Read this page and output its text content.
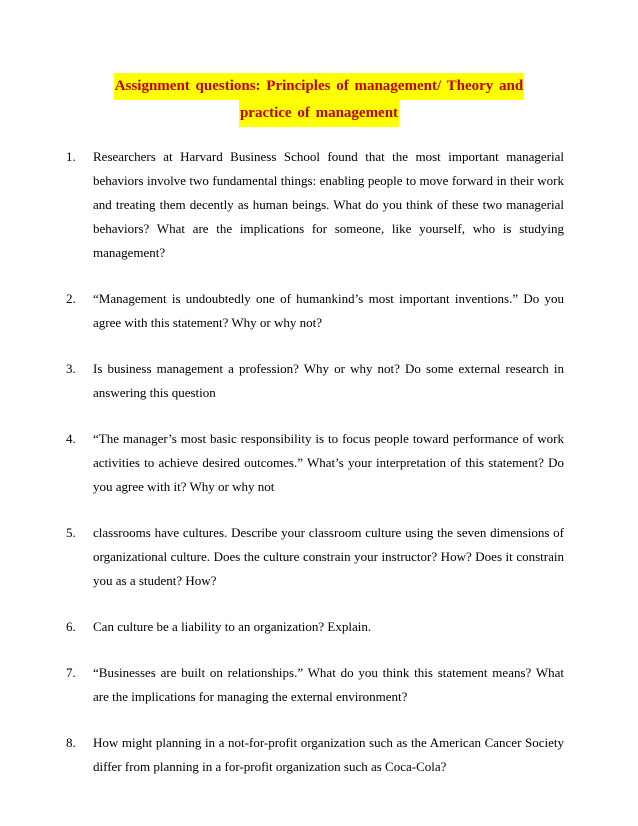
Assignment questions: Principles of management/ Theory and
practice of management
1. Researchers at Harvard Business School found that the most important managerial behaviors involve two fundamental things: enabling people to move forward in their work and treating them decently as human beings. What do you think of these two managerial behaviors? What are the implications for someone, like yourself, who is studying management?
2. “Management is undoubtedly one of humankind’s most important inventions.” Do you agree with this statement? Why or why not?
3. Is business management a profession? Why or why not? Do some external research in answering this question
4. “The manager’s most basic responsibility is to focus people toward performance of work activities to achieve desired outcomes.” What’s your interpretation of this statement? Do you agree with it? Why or why not
5. classrooms have cultures. Describe your classroom culture using the seven dimensions of organizational culture. Does the culture constrain your instructor? How? Does it constrain you as a student? How?
6. Can culture be a liability to an organization? Explain.
7. “Businesses are built on relationships.” What do you think this statement means? What are the implications for managing the external environment?
8. How might planning in a not-for-profit organization such as the American Cancer Society differ from planning in a for-profit organization such as Coca-Cola?
